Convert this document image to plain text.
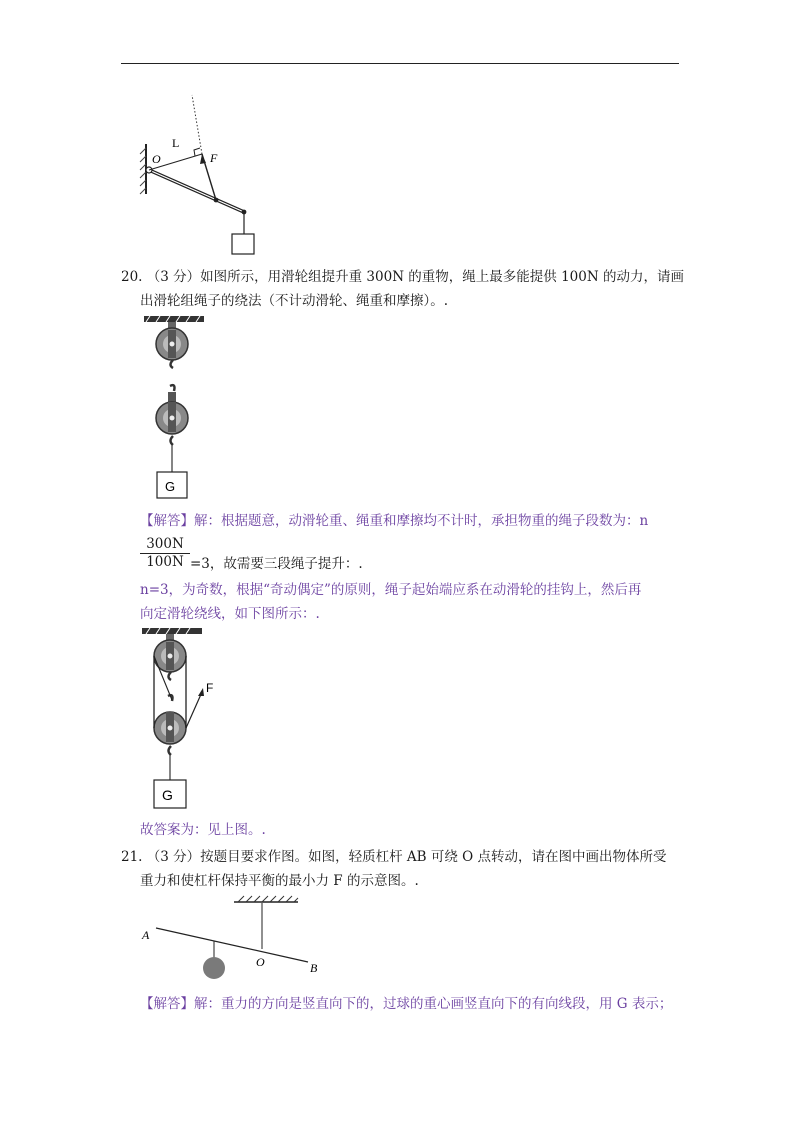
O
L
F
20. （3 分）如图所示，用滑轮组提升重 300N 的重物，绳上最多能提供 100N 的动力，请画
出滑轮组绳子的绕法（不计动滑轮、绳重和摩擦）。.
G
【解答】解：根据题意，动滑轮重、绳重和摩擦均不计时，承担物重的绳子段数为：n
$\frac{300N}{100N} =3$，故需要三段绳子提升：.
n=3，为奇数，根据“奇动偶定”的原则，绳子起始端应系在动滑轮的挂钩上，然后再
向定滑轮绕线，如下图所示：.
F
G
故答案为：见上图。.
21. （3 分）按题目要求作图。如图，轻质杠杆 AB 可绕 O 点转动，请在图中画出物体所受
重力和使杠杆保持平衡的最小力 F 的示意图。.
A
O	B
【解答】解：重力的方向是竖直向下的，过球的重心画竖直向下的有向线段，用 G 表示；
